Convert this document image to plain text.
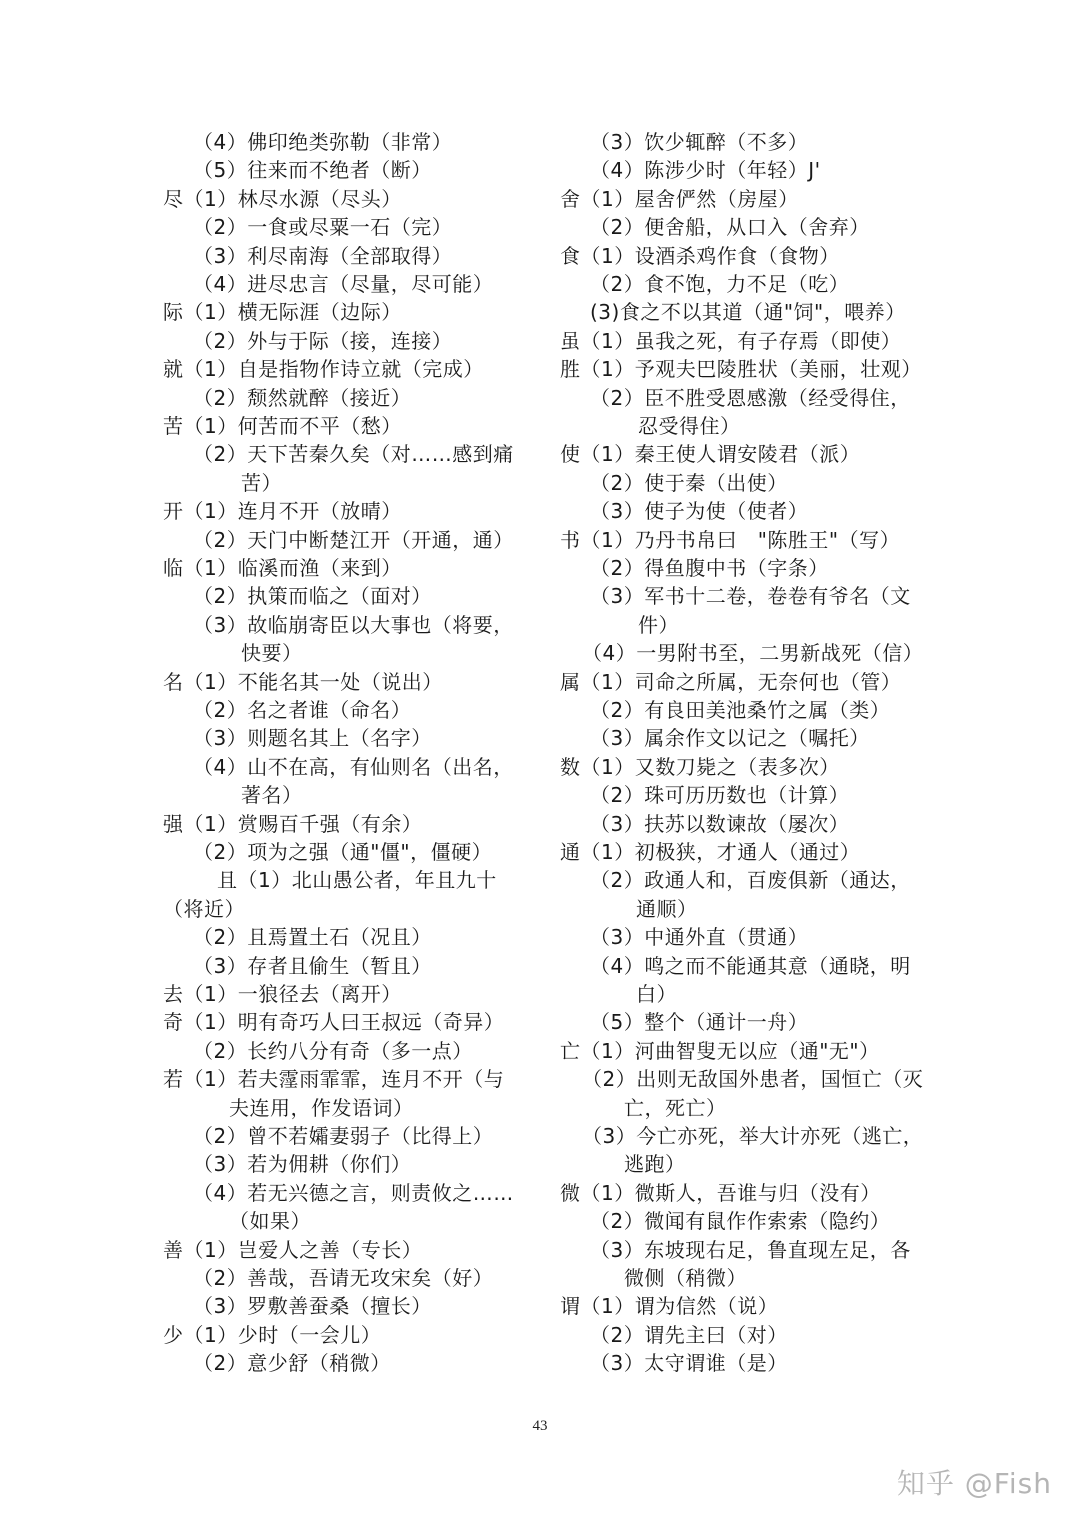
（4）佛印绝类弥勒（非常）
（5）往来而不绝者（断）
尽（1）林尽水源（尽头）
（2）一食或尽粟一石（完）
（3）利尽南海（全部取得）
（4）进尽忠言（尽量，尽可能）
际（1）横无际涯（边际）
（2）外与于际（接，连接）
就（1）自是指物作诗立就（完成）
（2）颓然就醉（接近）
苦（1）何苦而不平（愁）
（2）天下苦秦久矣（对……感到痛
苦）
开（1）连月不开（放晴）
（2）天门中断楚江开（开通，通）
临（1）临溪而渔（来到）
（2）执策而临之（面对）
（3）故临崩寄臣以大事也（将要，
快要）
名（1）不能名其一处（说出）
（2）名之者谁（命名）
（3）则题名其上（名字）
（4）山不在高，有仙则名（出名，
著名）
强（1）赏赐百千强（有余）
（2）项为之强（通"僵"，僵硬）
且（1）北山愚公者，年且九十
（将近）
（2）且焉置土石（况且）
（3）存者且偷生（暂且）
去（1）一狼径去（离开）
奇（1）明有奇巧人曰王叔远（奇异）
（2）长约八分有奇（多一点）
若（1）若夫霪雨霏霏，连月不开（与
夫连用，作发语词）
（2）曾不若孀妻弱子（比得上）
（3）若为佣耕（你们）
（4）若无兴德之言，则责攸之……
（如果）
善（1）岂爱人之善（专长）
（2）善哉，吾请无攻宋矣（好）
（3）罗敷善蚕桑（擅长）
少（1）少时（一会儿）
（2）意少舒（稍微）
（3）饮少辄醉（不多）
（4）陈涉少时（年轻）J'
舍（1）屋舍俨然（房屋）
（2）便舍船，从口入（舍弃）
食（1）设酒杀鸡作食（食物）
（2）食不饱，力不足（吃）
(3)食之不以其道（通"饲"，喂养）
虽（1）虽我之死，有子存焉（即使）
胜（1）予观夫巴陵胜状（美丽，壮观）
（2）臣不胜受恩感激（经受得住，
忍受得住）
使（1）秦王使人谓安陵君（派）
（2）使于秦（出使）
（3）使子为使（使者）
书（1）乃丹书帛曰　"陈胜王"（写）
（2）得鱼腹中书（字条）
（3）军书十二卷，卷卷有爷名（文
件）
（4）一男附书至，二男新战死（信）
属（1）司命之所属，无奈何也（管）
（2）有良田美池桑竹之属（类）
（3）属余作文以记之（嘱托）
数（1）又数刀毙之（表多次）
（2）珠可历历数也（计算）
（3）扶苏以数谏故（屡次）
通（1）初极狭，才通人（通过）
（2）政通人和，百废俱新（通达，
通顺）
（3）中通外直（贯通）
（4）鸣之而不能通其意（通晓，明
白）
（5）整个（通计一舟）
亡（1）河曲智叟无以应（通"无"）
（2）出则无敌国外患者，国恒亡（灭
亡，死亡）
（3）今亡亦死，举大计亦死（逃亡，
逃跑）
微（1）微斯人，吾谁与归（没有）
（2）微闻有鼠作作索索（隐约）
（3）东坡现右足，鲁直现左足，各
微侧（稍微）
谓（1）谓为信然（说）
（2）谓先主曰（对）
（3）太守谓谁（是）
43
知乎 @Fish
